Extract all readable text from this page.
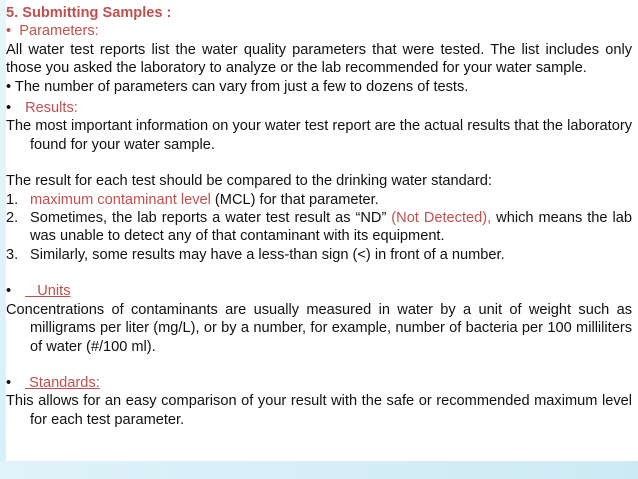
5. Submitting Samples :

•  Parameters:

All water test reports list the water quality parameters that were tested. The list includes only those you asked the laboratory to analyze or the lab recommended for your water sample.

• The number of parameters can vary from just a few to dozens of tests.

• Results:

The most important information on your water test report are the actual results that the laboratory found for your water sample.

The result for each test should be compared to the drinking water standard:

1. maximum contaminant level (MCL) for that parameter.

2. Sometimes, the lab reports a water test result as “ND” (Not Detected), which means the lab was unable to detect any of that contaminant with its equipment.

3. Similarly, some results may have a less-than sign (<) in front of a number.

•   Units

Concentrations of contaminants are usually measured in water by a unit of weight such as milligrams per liter (mg/L), or by a number, for example, number of bacteria per 100 milliliters of water (#/100 ml).

• Standards:

This allows for an easy comparison of your result with the safe or recommended maximum level for each test parameter.
